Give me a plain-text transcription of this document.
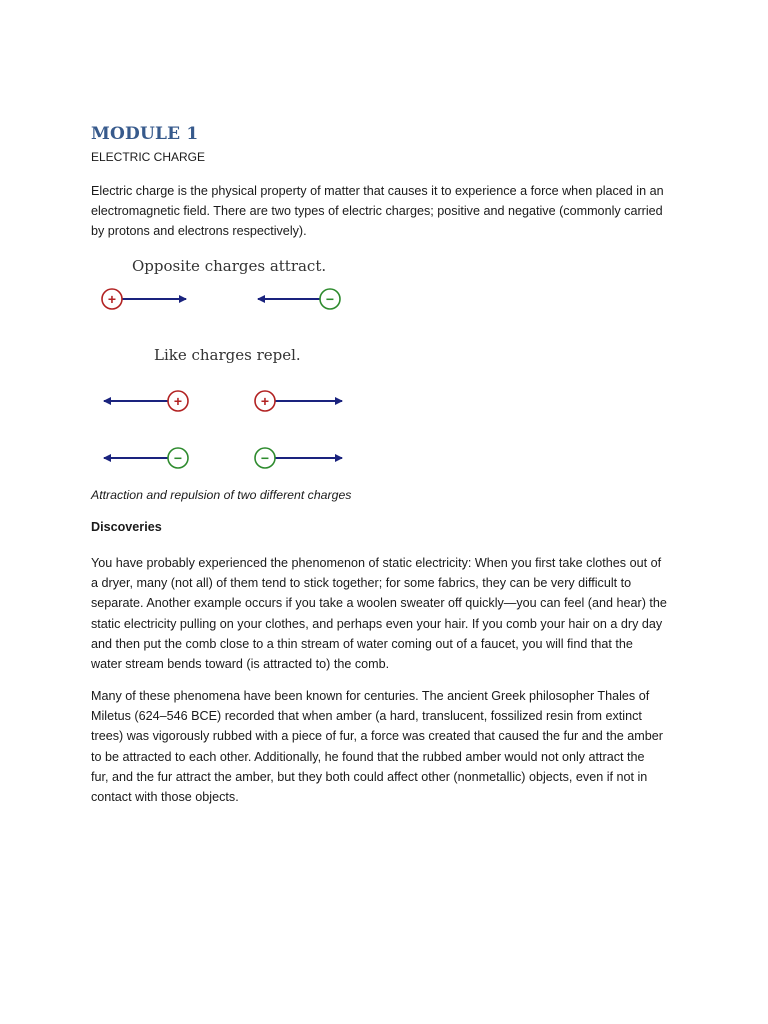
MODULE 1

ELECTRIC CHARGE

Electric charge is the physical property of matter that causes it to experience a force when placed in an
electromagnetic field. There are two types of electric charges; positive and negative (commonly carried
by protons and electrons respectively).

Opposite charges attract.
+	−
Like charges repel.
+	+
−	−

Attraction and repulsion of two different charges

Discoveries

You have probably experienced the phenomenon of static electricity: When you first take clothes out of
a dryer, many (not all) of them tend to stick together; for some fabrics, they can be very difficult to
separate. Another example occurs if you take a woolen sweater off quickly—you can feel (and hear) the
static electricity pulling on your clothes, and perhaps even your hair. If you comb your hair on a dry day
and then put the comb close to a thin stream of water coming out of a faucet, you will find that the
water stream bends toward (is attracted to) the comb.

Many of these phenomena have been known for centuries. The ancient Greek philosopher Thales of
Miletus (624–546 BCE) recorded that when amber (a hard, translucent, fossilized resin from extinct
trees) was vigorously rubbed with a piece of fur, a force was created that caused the fur and the amber
to be attracted to each other. Additionally, he found that the rubbed amber would not only attract the
fur, and the fur attract the amber, but they both could affect other (nonmetallic) objects, even if not in
contact with those objects.
